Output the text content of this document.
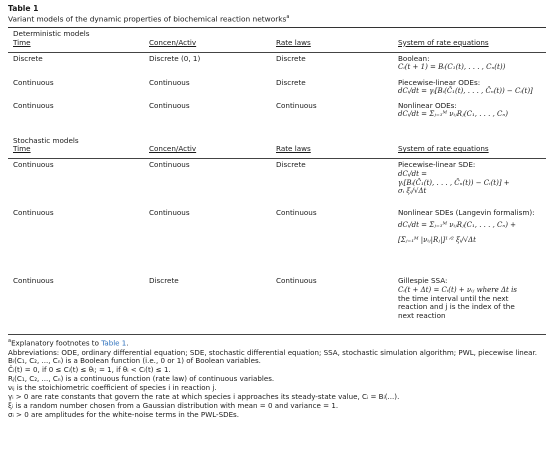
Table 1
Variant models of the dynamic properties of biochemical reaction networks$^a$
Deterministic models
Time	Concen/Activ	Rate laws	System of rate equations
Discrete	Discrete (0, 1)	Discrete	Boolean:
Cᵢ(t + 1) = Bᵢ(C₁(t), . . . , Cₙ(t))
Continuous	Continuous	Discrete	Piecewise-linear ODEs:
dCᵢ/dt = γᵢ[Bᵢ(Ĉ₁(t), . . . , Ĉₙ(t)) − Cᵢ(t)]
Continuous	Continuous	Continuous	Nonlinear ODEs:
dCᵢ/dt = Σⱼ₌₁ᴹ νᵢⱼRⱼ(C₁, . . . , Cₙ)
Stochastic models
Time	Concen/Activ	Rate laws	System of rate equations
Continuous	Continuous	Discrete	Piecewise-linear SDE:
dCᵢ/dt =
γᵢ[Bᵢ(Ĉ₁(t), . . . , Ĉₙ(t)) − Cᵢ(t)] +
σᵢ ξᵢ/√Δt
Continuous	Continuous	Continuous	Nonlinear SDEs (Langevin formalism):
dCᵢ/dt = Σⱼ₌₁ᴹ νᵢⱼRⱼ(C₁, . . . , Cₙ) +
[Σⱼ₌₁ᴹ |νᵢⱼ|Rⱼ|]¹ᐟ² ξᵢ/√Δt
Continuous	Discrete	Continuous	Gillespie SSA:
Cᵢ(t + Δt) = Cᵢ(t) + νᵢⱼ where Δt is
the time interval until the next
reaction and j is the index of the
next reaction
$^a$Explanatory footnotes to Table 1.
Abbreviations: ODE, ordinary differential equation; SDE, stochastic differential equation; SSA, stochastic simulation algorithm; PWL, piecewise linear.
Bᵢ(C₁, C₂, ..., Cₙ) is a Boolean function (i.e., 0 or 1) of Boolean variables.
Ĉᵢ(t) = 0, if 0 ≤ Cᵢ(t) ≤ θᵢ; = 1, if θᵢ < Cᵢ(t) ≤ 1.
Rⱼ(C₁, C₂, ..., Cₙ) is a continuous function (rate law) of continuous variables.
νᵢⱼ is the stoichiometric coefficient of species i in reaction j.
γᵢ > 0 are rate constants that govern the rate at which species i approaches its steady-state value, Cᵢ = Bᵢ(...).
ξᵢ is a random number chosen from a Gaussian distribution with mean = 0 and variance = 1.
σᵢ > 0 are amplitudes for the white-noise terms in the PWL-SDEs.
